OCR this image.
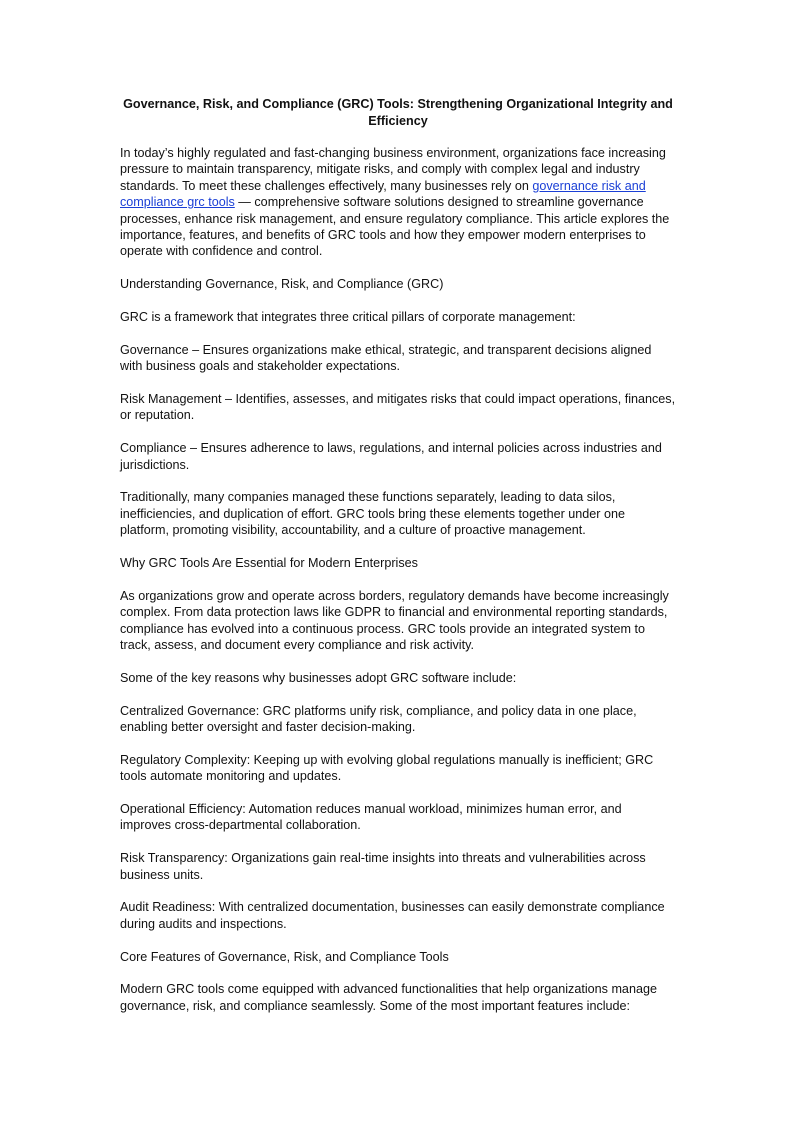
Governance, Risk, and Compliance (GRC) Tools: Strengthening Organizational Integrity and Efficiency

In today’s highly regulated and fast-changing business environment, organizations face increasing pressure to maintain transparency, mitigate risks, and comply with complex legal and industry standards. To meet these challenges effectively, many businesses rely on governance risk and compliance grc tools — comprehensive software solutions designed to streamline governance processes, enhance risk management, and ensure regulatory compliance. This article explores the importance, features, and benefits of GRC tools and how they empower modern enterprises to operate with confidence and control.

Understanding Governance, Risk, and Compliance (GRC)

GRC is a framework that integrates three critical pillars of corporate management:

Governance – Ensures organizations make ethical, strategic, and transparent decisions aligned with business goals and stakeholder expectations.

Risk Management – Identifies, assesses, and mitigates risks that could impact operations, finances, or reputation.

Compliance – Ensures adherence to laws, regulations, and internal policies across industries and jurisdictions.

Traditionally, many companies managed these functions separately, leading to data silos, inefficiencies, and duplication of effort. GRC tools bring these elements together under one platform, promoting visibility, accountability, and a culture of proactive management.

Why GRC Tools Are Essential for Modern Enterprises

As organizations grow and operate across borders, regulatory demands have become increasingly complex. From data protection laws like GDPR to financial and environmental reporting standards, compliance has evolved into a continuous process. GRC tools provide an integrated system to track, assess, and document every compliance and risk activity.

Some of the key reasons why businesses adopt GRC software include:

Centralized Governance: GRC platforms unify risk, compliance, and policy data in one place, enabling better oversight and faster decision-making.

Regulatory Complexity: Keeping up with evolving global regulations manually is inefficient; GRC tools automate monitoring and updates.

Operational Efficiency: Automation reduces manual workload, minimizes human error, and improves cross-departmental collaboration.

Risk Transparency: Organizations gain real-time insights into threats and vulnerabilities across business units.

Audit Readiness: With centralized documentation, businesses can easily demonstrate compliance during audits and inspections.

Core Features of Governance, Risk, and Compliance Tools

Modern GRC tools come equipped with advanced functionalities that help organizations manage governance, risk, and compliance seamlessly. Some of the most important features include:
